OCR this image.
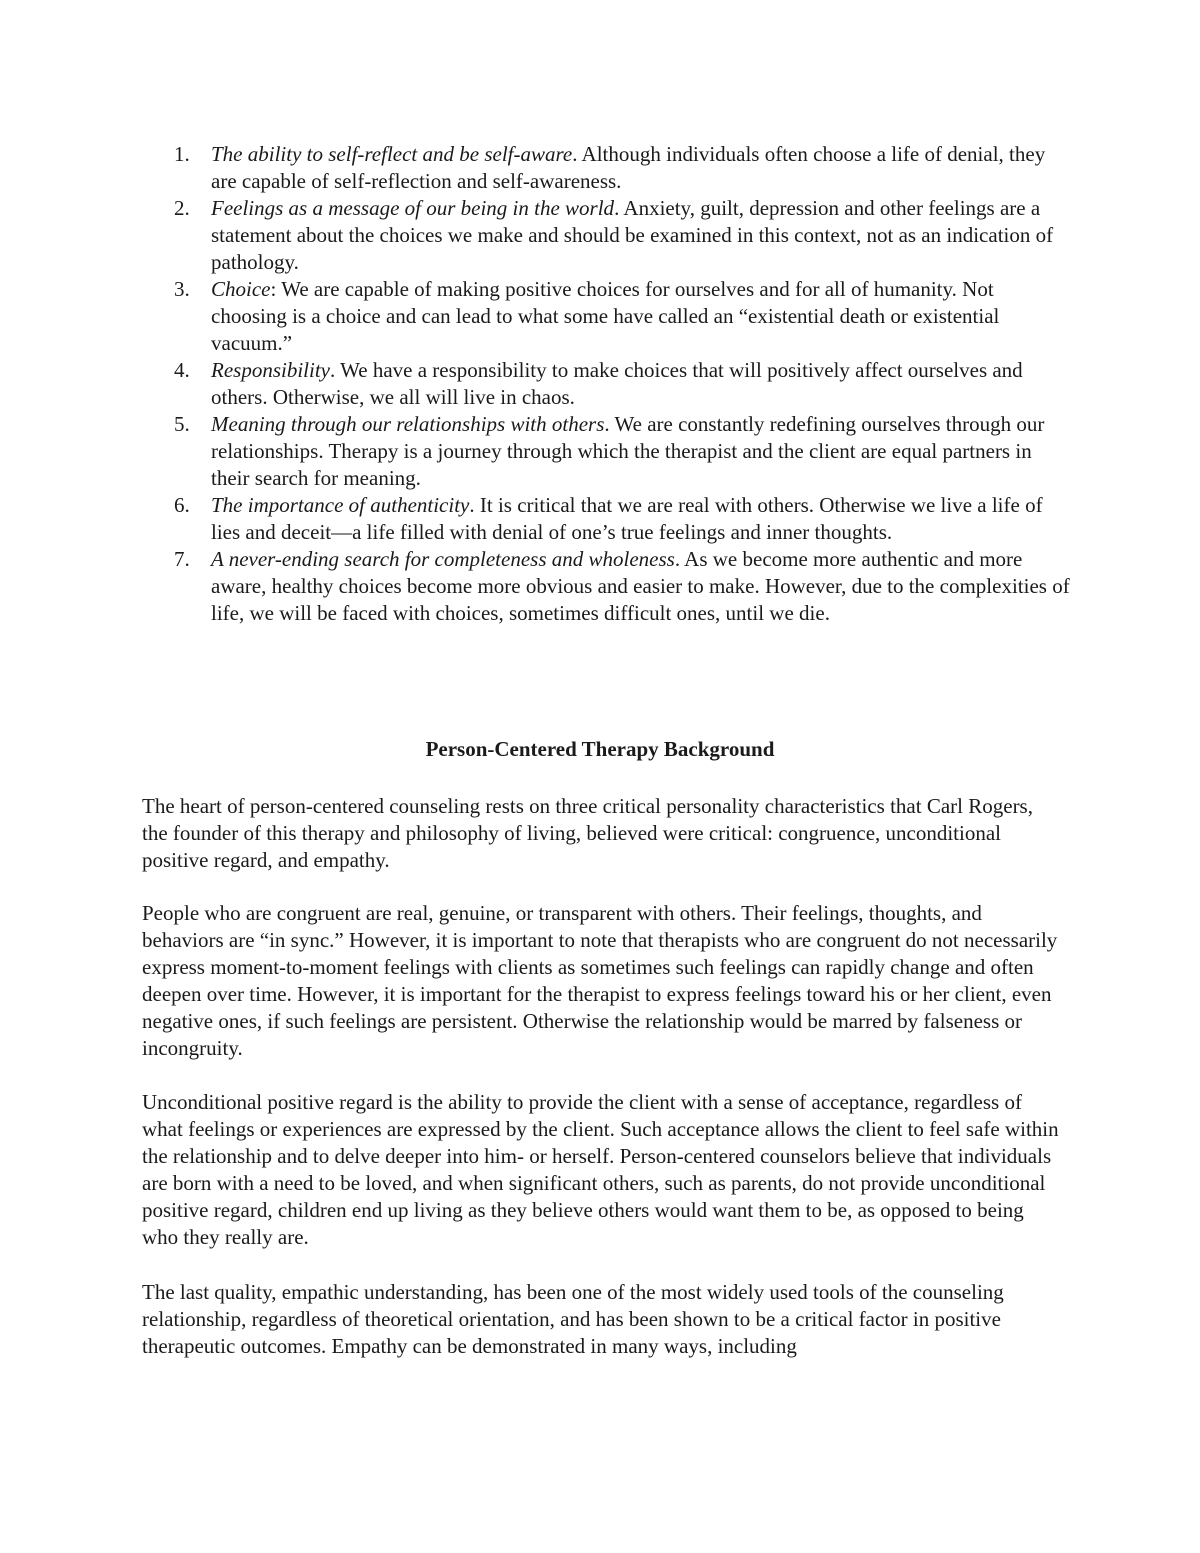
1.	The ability to self-reflect and be self-aware. Although individuals often choose a life of denial, they are capable of self-reflection and self-awareness.
2.	Feelings as a message of our being in the world. Anxiety, guilt, depression and other feelings are a statement about the choices we make and should be examined in this context, not as an indication of pathology.
3.	Choice: We are capable of making positive choices for ourselves and for all of humanity. Not choosing is a choice and can lead to what some have called an “existential death or existential vacuum.”
4.	Responsibility. We have a responsibility to make choices that will positively affect ourselves and others. Otherwise, we all will live in chaos.
5.	Meaning through our relationships with others. We are constantly redefining ourselves through our relationships. Therapy is a journey through which the therapist and the client are equal partners in their search for meaning.
6.	The importance of authenticity. It is critical that we are real with others. Otherwise we live a life of lies and deceit—a life filled with denial of one’s true feelings and inner thoughts.
7.	A never-ending search for completeness and wholeness. As we become more authentic and more aware, healthy choices become more obvious and easier to make. However, due to the complexities of life, we will be faced with choices, sometimes difficult ones, until we die.
Person-Centered Therapy Background

The heart of person-centered counseling rests on three critical personality characteristics that Carl Rogers, the founder of this therapy and philosophy of living, believed were critical: congruence, unconditional positive regard, and empathy.

People who are congruent are real, genuine, or transparent with others. Their feelings, thoughts, and behaviors are “in sync.” However, it is important to note that therapists who are congruent do not necessarily express moment-to-moment feelings with clients as sometimes such feelings can rapidly change and often deepen over time. However, it is important for the therapist to express feelings toward his or her client, even negative ones, if such feelings are persistent. Otherwise the relationship would be marred by falseness or incongruity.

Unconditional positive regard is the ability to provide the client with a sense of acceptance, regardless of what feelings or experiences are expressed by the client. Such acceptance allows the client to feel safe within the relationship and to delve deeper into him- or herself. Person-centered counselors believe that individuals are born with a need to be loved, and when significant others, such as parents, do not provide unconditional positive regard, children end up living as they believe others would want them to be, as opposed to being who they really are.

The last quality, empathic understanding, has been one of the most widely used tools of the counseling relationship, regardless of theoretical orientation, and has been shown to be a critical factor in positive therapeutic outcomes. Empathy can be demonstrated in many ways, including
